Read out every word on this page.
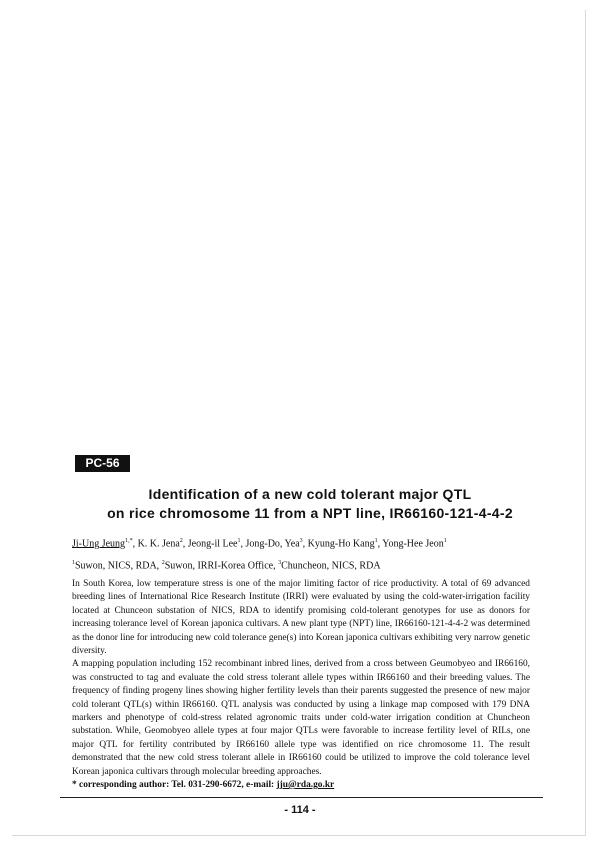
PC-56
Identification of a new cold tolerant major QTL
on rice chromosome 11 from a NPT line, IR66160-121-4-4-2
Ji-Ung Jeung$^{1,*}$, K. K. Jena$^2$, Jeong-il Lee$^1$, Jong-Do, Yea$^3$, Kyung-Ho Kang$^1$, Yong-Hee Jeon$^1$
$^1$Suwon, NICS, RDA, $^2$Suwon, IRRI-Korea Office, $^3$Chuncheon, NICS, RDA

In South Korea, low temperature stress is one of the major limiting factor of rice productivity. A total of 69 advanced breeding lines of International Rice Research Institute (IRRI) were evaluated by using the cold-water-irrigation facility located at Chunceon substation of NICS, RDA to identify promising cold-tolerant genotypes for use as donors for increasing tolerance level of Korean japonica cultivars. A new plant type (NPT) line, IR66160-121-4-4-2 was determined as the donor line for introducing new cold tolerance gene(s) into Korean japonica cultivars exhibiting very narrow genetic diversity.

A mapping population including 152 recombinant inbred lines, derived from a cross between Geumobyeo and IR66160, was constructed to tag and evaluate the cold stress tolerant allele types within IR66160 and their breeding values. The frequency of finding progeny lines showing higher fertility levels than their parents suggested the presence of new major cold tolerant QTL(s) within IR66160. QTL analysis was conducted by using a linkage map composed with 179 DNA markers and phenotype of cold-stress related agronomic traits under cold-water irrigation condition at Chuncheon substation. While, Geomobyeo allele types at four major QTLs were favorable to increase fertility level of RILs, one major QTL for fertility contributed by IR66160 allele type was identified on rice chromosome 11. The result demonstrated that the new cold stress tolerant allele in IR66160 could be utilized to improve the cold tolerance level Korean japonica cultivars through molecular breeding approaches.

* corresponding author: Tel. 031-290-6672, e-mail: jju@rda.go.kr

- 114 -
